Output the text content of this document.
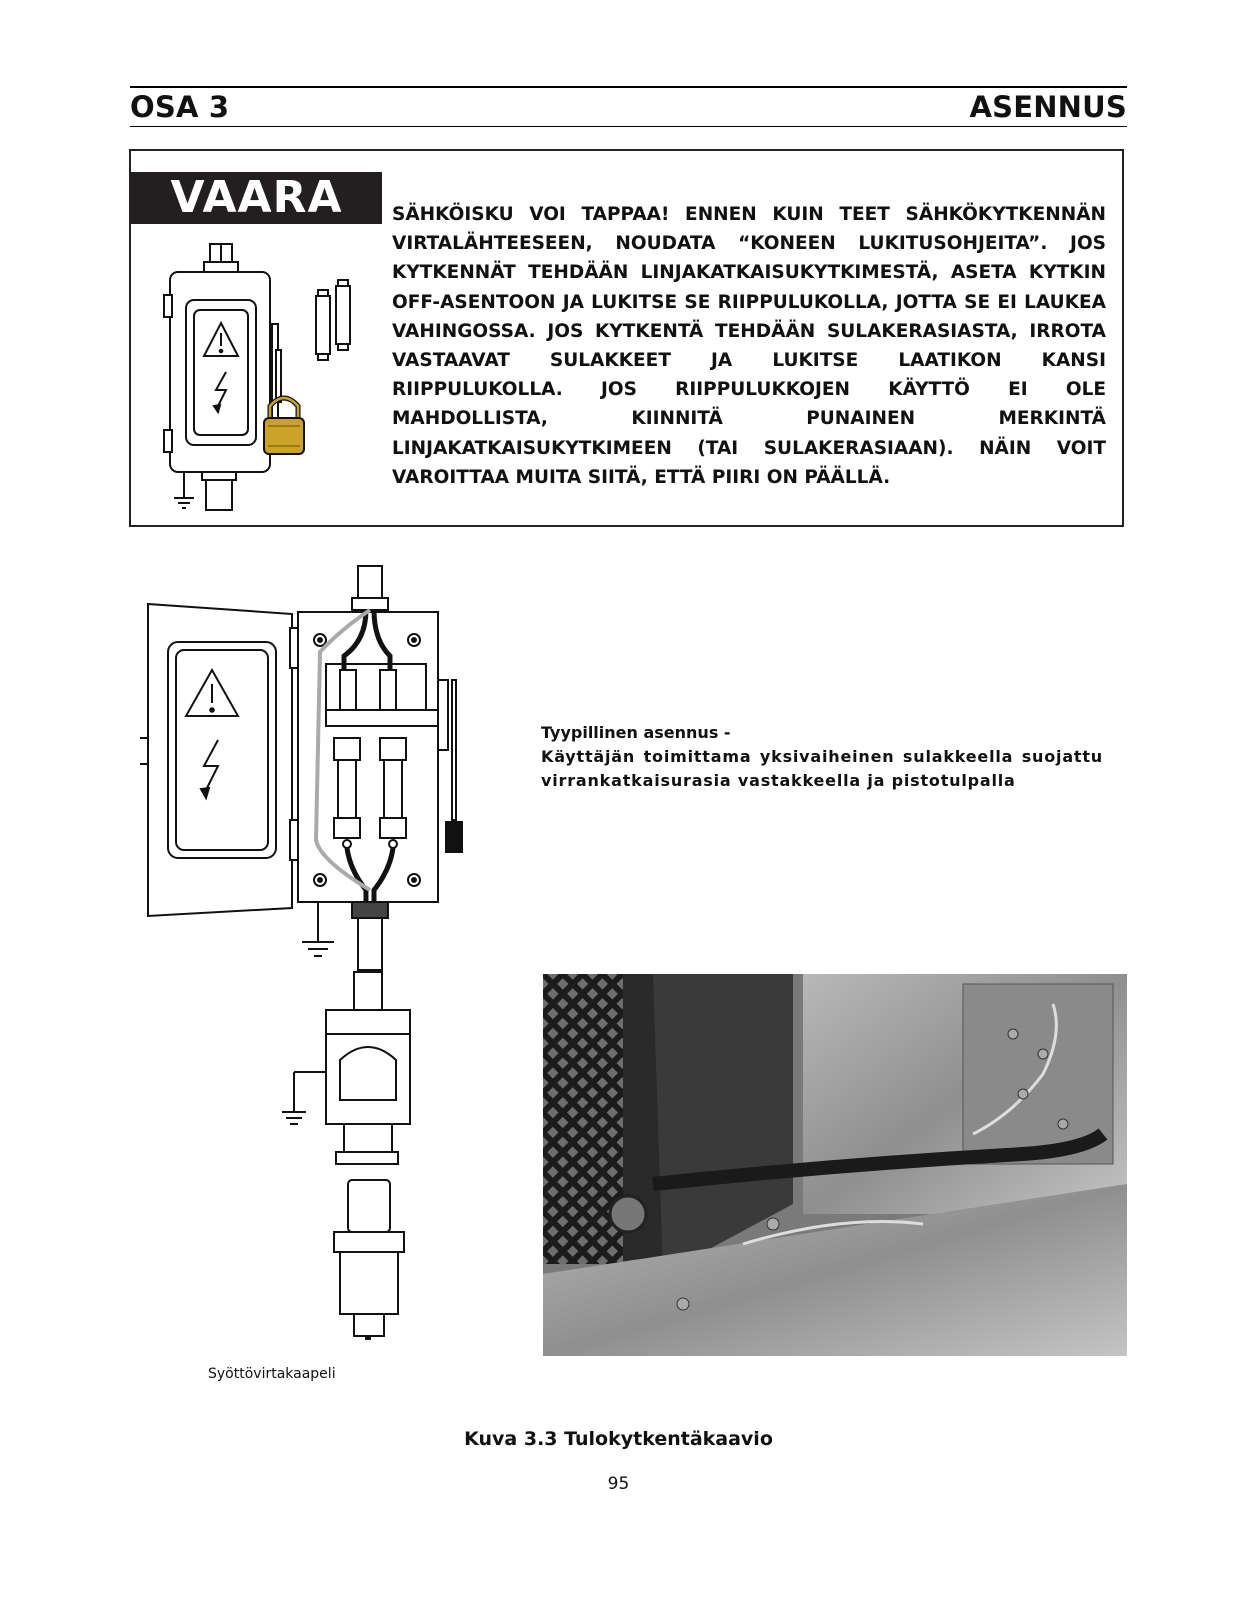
OSA 3	ASENNUS
VAARA	SÄHKÖISKU VOI TAPPAA! ENNEN KUIN TEET SÄHKÖKYTKENNÄN VIRTALÄHTEESEEN, NOUDATA “KONEEN LUKITUSOHJEITA”. JOS KYTKENNÄT TEHDÄÄN LINJAKATKAISUKYTKIMESTÄ, ASETA KYTKIN OFF-ASENTOON JA LUKITSE SE RIIPPULUKOLLA, JOTTA SE EI LAUKEA VAHINGOSSA. JOS KYTKENTÄ TEHDÄÄN SULAKERASIASTA, IRROTA VASTAAVAT SULAKKEET JA LUKITSE LAATIKON KANSI RIIPPULUKOLLA. JOS RIIPPULUKKOJEN KÄYTTÖ EI OLE MAHDOLLISTA, KIINNITÄ PUNAINEN MERKINTÄ LINJAKATKAISUKYTKIMEEN (TAI SULAKERASIAAN). NÄIN VOIT VAROITTAA MUITA SIITÄ, ETTÄ PIIRI ON PÄÄLLÄ.
Tyypillinen asennus -
Käyttäjän toimittama yksivaiheinen sulakkeella suojattu virrankatkaisurasia vastakkeella ja pistotulpalla
Syöttövirtakaapeli
Kuva 3.3 Tulokytkentäkaavio
95
